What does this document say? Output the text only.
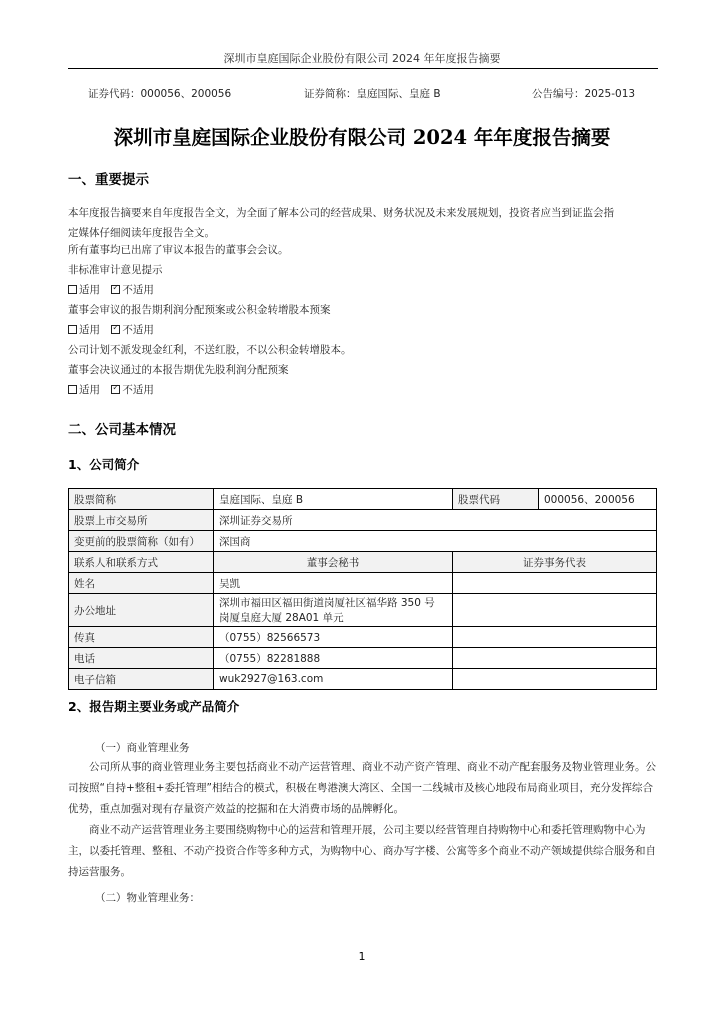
深圳市皇庭国际企业股份有限公司 2024 年年度报告摘要
证券代码：000056、200056	证券简称：皇庭国际、皇庭 B	公告编号：2025-013
深圳市皇庭国际企业股份有限公司 2024 年年度报告摘要
一、重要提示
本年度报告摘要来自年度报告全文，为全面了解本公司的经营成果、财务状况及未来发展规划，投资者应当到证监会指
定媒体仔细阅读年度报告全文。
所有董事均已出席了审议本报告的董事会会议。
非标准审计意见提示
适用 ✓ 不适用
董事会审议的报告期利润分配预案或公积金转增股本预案
适用 ✓ 不适用
公司计划不派发现金红利，不送红股，不以公积金转增股本。
董事会决议通过的本报告期优先股利润分配预案
适用 ✓ 不适用
二、公司基本情况
1、公司简介
股票简称	皇庭国际、皇庭 B	股票代码	000056、200056
股票上市交易所	深圳证券交易所		
变更前的股票简称（如有）	深国商		
联系人和联系方式	董事会秘书	证券事务代表	
姓名	吴凯		
办公地址	深圳市福田区福田街道岗厦社区福华路 350 号
岗厦皇庭大厦 28A01 单元		

传真	（0755）82566573		
电话	（0755）82281888		
电子信箱	wuk2927@163.com		
2、报告期主要业务或产品简介
（一）商业管理业务
公司所从事的商业管理业务主要包括商业不动产运营管理、商业不动产资产管理、商业不动产配套服务及物业管理业务。公司按照“自持+整租+委托管理”相结合的模式，积极在粤港澳大湾区、全国一二线城市及核心地段布局商业项目，充分发挥综合优势，重点加强对现有存量资产效益的挖掘和在大消费市场的品牌孵化。
商业不动产运营管理业务主要围绕购物中心的运营和管理开展，公司主要以经营管理自持购物中心和委托管理购物中心为主，以委托管理、整租、不动产投资合作等多种方式，为购物中心、商办写字楼、公寓等多个商业不动产领域提供综合服务和自持运营服务。
（二）物业管理业务：
1
